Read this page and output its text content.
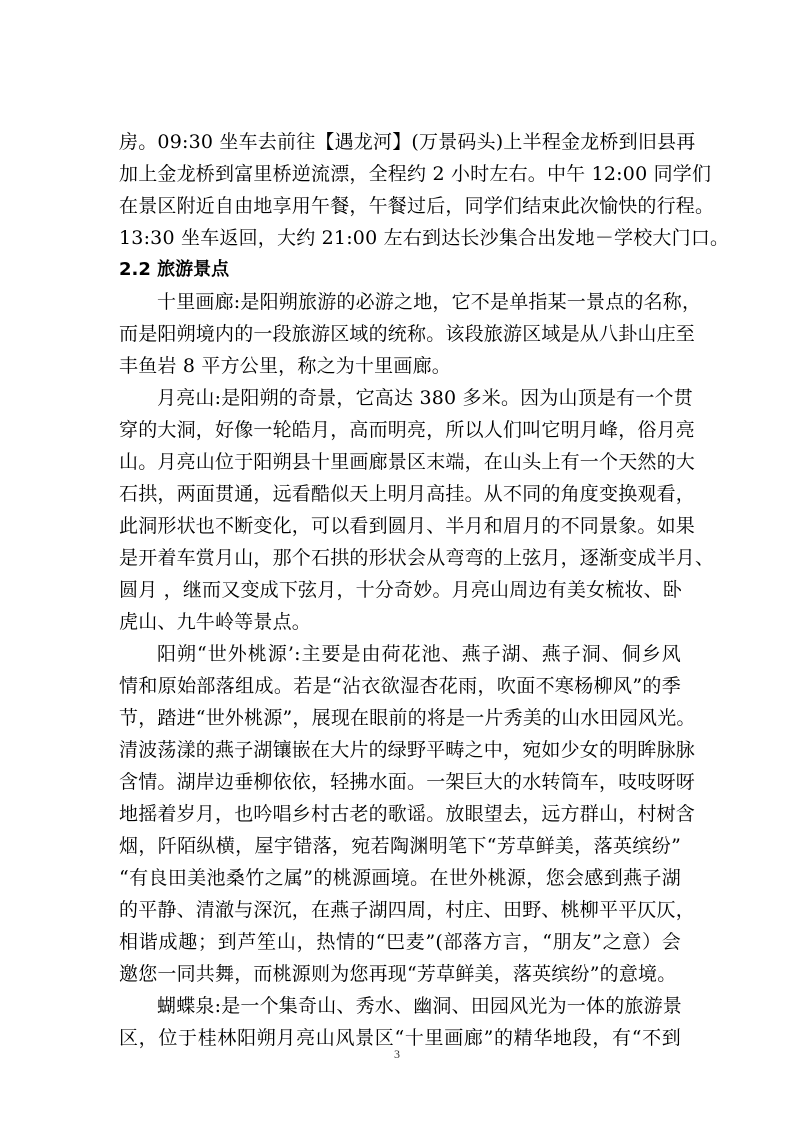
房。09:30 坐车去前往【遇龙河】(万景码头)上半程金龙桥到旧县再
加上金龙桥到富里桥逆流漂，全程约 2 小时左右。中午 12:00 同学们
在景区附近自由地享用午餐，午餐过后，同学们结束此次愉快的行程。
13:30 坐车返回，大约 21:00 左右到达长沙集合出发地－学校大门口。
2.2 旅游景点
十里画廊:是阳朔旅游的必游之地，它不是单指某一景点的名称，
而是阳朔境内的一段旅游区域的统称。该段旅游区域是从八卦山庄至
丰鱼岩 8 平方公里，称之为十里画廊。
月亮山:是阳朔的奇景，它高达 380 多米。因为山顶是有一个贯
穿的大洞，好像一轮皓月，高而明亮，所以人们叫它明月峰，俗月亮
山。月亮山位于阳朔县十里画廊景区末端，在山头上有一个天然的大
石拱，两面贯通，远看酷似天上明月高挂。从不同的角度变换观看，
此洞形状也不断变化，可以看到圆月、半月和眉月的不同景象。如果
是开着车赏月山，那个石拱的形状会从弯弯的上弦月，逐渐变成半月、
圆月 ，继而又变成下弦月，十分奇妙。月亮山周边有美女梳妆、卧
虎山、九牛岭等景点。
阳朔“世外桃源’:主要是由荷花池、燕子湖、燕子洞、侗乡风
情和原始部落组成。若是“沾衣欲湿杏花雨，吹面不寒杨柳风”的季
节，踏进“世外桃源”，展现在眼前的将是一片秀美的山水田园风光。
清波荡漾的燕子湖镶嵌在大片的绿野平畴之中，宛如少女的明眸脉脉
含情。湖岸边垂柳依依，轻拂水面。一架巨大的水转筒车，吱吱呀呀
地摇着岁月，也吟唱乡村古老的歌谣。放眼望去，远方群山，村树含
烟，阡陌纵横，屋宇错落，宛若陶渊明笔下“芳草鲜美，落英缤纷”
“有良田美池桑竹之属”的桃源画境。在世外桃源，您会感到燕子湖
的平静、清澈与深沉，在燕子湖四周，村庄、田野、桃柳平平仄仄，
相谐成趣；到芦笙山，热情的“巴麦”(部落方言，“朋友”之意）会
邀您一同共舞，而桃源则为您再现“芳草鲜美，落英缤纷”的意境。
蝴蝶泉:是一个集奇山、秀水、幽洞、田园风光为一体的旅游景
区，位于桂林阳朔月亮山风景区“十里画廊”的精华地段，有“不到
3
